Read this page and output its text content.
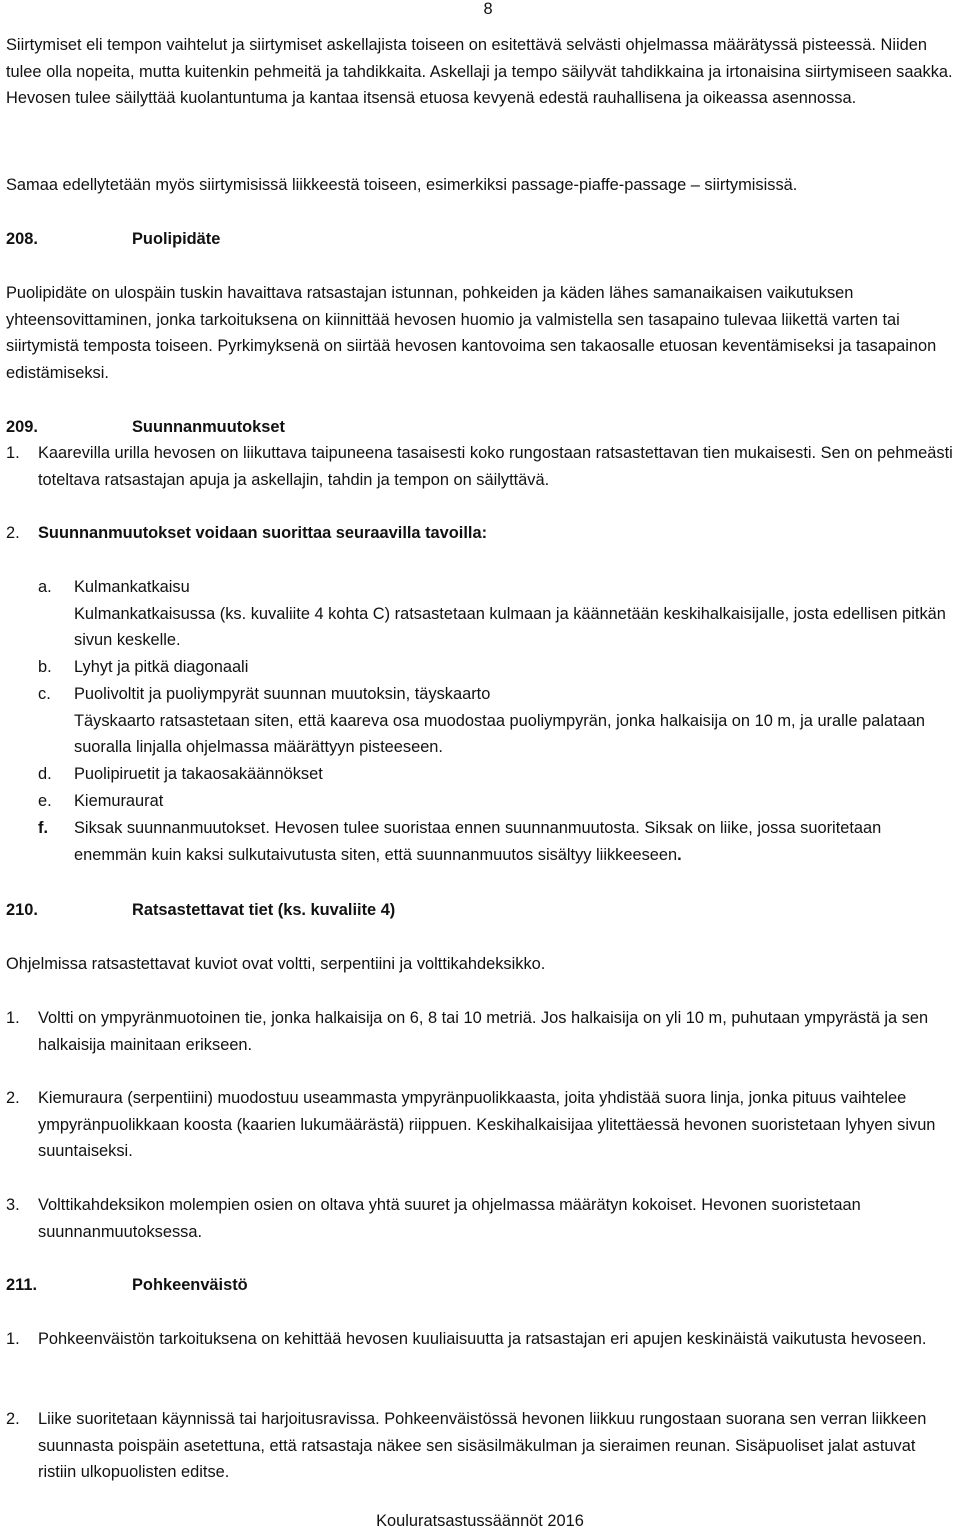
8

Siirtymiset eli tempon vaihtelut ja siirtymiset askellajista toiseen on esitettävä selvästi ohjelmassa määrätyssä pisteessä. Niiden tulee olla nopeita, mutta kuitenkin pehmeitä ja tahdikkaita. Askellaji ja tempo säilyvät tahdikkaina ja irtonaisina siirtymiseen saakka. Hevosen tulee säilyttää kuolantuntuma ja kantaa itsensä etuosa kevyenä edestä rauhallisena ja oikeassa asennossa.

Samaa edellytetään myös siirtymisissä liikkeestä toiseen, esimerkiksi passage-piaffe-passage – siirtymisissä.

208.	Puolipidäte

Puolipidäte on ulospäin tuskin havaittava ratsastajan istunnan, pohkeiden ja käden lähes samanaikaisen vaikutuksen yhteensovittaminen, jonka tarkoituksena on kiinnittää hevosen huomio ja valmistella sen tasapaino tulevaa liikettä varten tai siirtymistä temposta toiseen. Pyrkimyksenä on siirtää hevosen kantovoima sen takaosalle etuosan keventämiseksi ja tasapainon edistämiseksi.

209.	Suunnanmuutokset
1.	Kaarevilla urilla hevosen on liikuttava taipuneena tasaisesti koko rungostaan ratsastettavan tien mukaisesti. Sen on pehmeästi toteltava ratsastajan apuja ja askellajin, tahdin ja tempon on säilyttävä.
2.	Suunnanmuutokset voidaan suorittaa seuraavilla tavoilla:
a.	Kulmankatkaisu
Kulmankatkaisussa (ks. kuvaliite 4 kohta C) ratsastetaan kulmaan ja käännetään keskihalkaisijalle, josta edellisen pitkän sivun keskelle.
b.	Lyhyt ja pitkä diagonaali
c.	Puolivoltit ja puoliympyrät suunnan muutoksin, täyskaarto
Täyskaarto ratsastetaan siten, että kaareva osa muodostaa puoliympyrän, jonka halkaisija on 10 m, ja uralle palataan suoralla linjalla ohjelmassa määrättyyn pisteeseen.
d.	Puolipiruetit ja takaosakäännökset
e.	Kiemuraurat
f.	Siksak suunnanmuutokset. Hevosen tulee suoristaa ennen suunnanmuutosta. Siksak on liike, jossa suoritetaan enemmän kuin kaksi sulkutaivutusta siten, että suunnanmuutos sisältyy liikkeeseen.
210.	Ratsastettavat tiet (ks. kuvaliite 4)

Ohjelmissa ratsastettavat kuviot ovat voltti, serpentiini ja volttikahdeksikko.

1.	Voltti on ympyränmuotoinen tie, jonka halkaisija on 6, 8 tai 10 metriä. Jos halkaisija on yli 10 m, puhutaan ympyrästä ja sen halkaisija mainitaan erikseen.
2.	Kiemuraura (serpentiini) muodostuu useammasta ympyränpuolikkaasta, joita yhdistää suora linja, jonka pituus vaihtelee ympyränpuolikkaan koosta (kaarien lukumäärästä) riippuen. Keskihalkaisijaa ylitettäessä hevonen suoristetaan lyhyen sivun suuntaiseksi.
3.	Volttikahdeksikon molempien osien on oltava yhtä suuret ja ohjelmassa määrätyn kokoiset. Hevonen suoristetaan suunnanmuutoksessa.
211.	Pohkeenväistö
1.	Pohkeenväistön tarkoituksena on kehittää hevosen kuuliaisuutta ja ratsastajan eri apujen keskinäistä vaikutusta hevoseen.
2.	Liike suoritetaan käynnissä tai harjoitusravissa. Pohkeenväistössä hevonen liikkuu rungostaan suorana sen verran liikkeen suunnasta poispäin asetettuna, että ratsastaja näkee sen sisäsilmäkulman ja sieraimen reunan. Sisäpuoliset jalat astuvat ristiin ulkopuolisten editse.
Kouluratsastussäännöt 2016
